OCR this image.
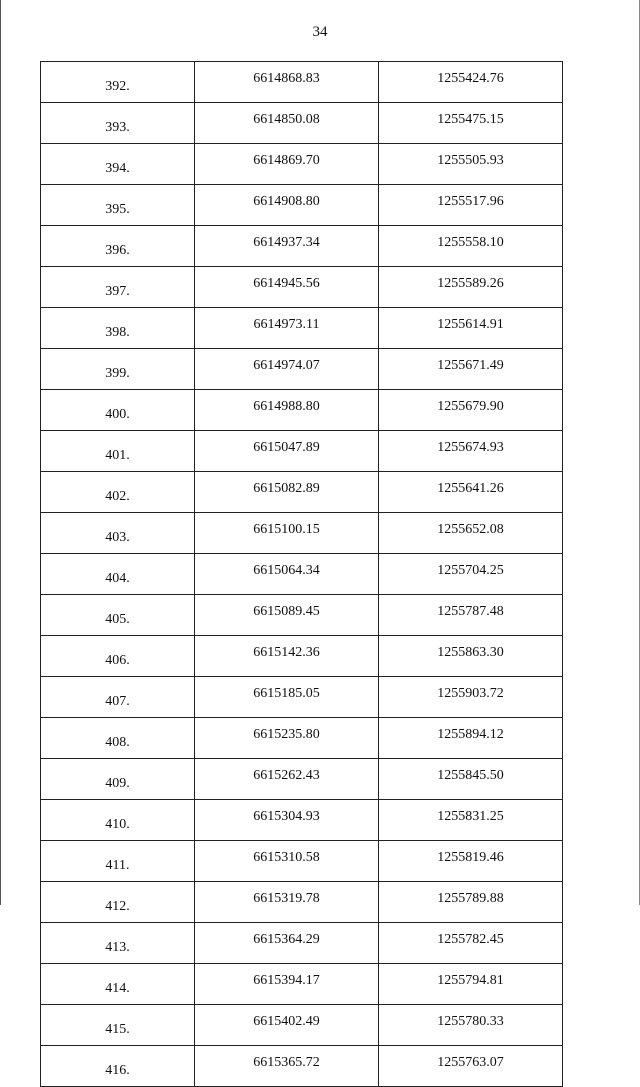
34
392.	6614868.83	1255424.76
393.	6614850.08	1255475.15
394.	6614869.70	1255505.93
395.	6614908.80	1255517.96
396.	6614937.34	1255558.10
397.	6614945.56	1255589.26
398.	6614973.11	1255614.91
399.	6614974.07	1255671.49
400.	6614988.80	1255679.90
401.	6615047.89	1255674.93
402.	6615082.89	1255641.26
403.	6615100.15	1255652.08
404.	6615064.34	1255704.25
405.	6615089.45	1255787.48
406.	6615142.36	1255863.30
407.	6615185.05	1255903.72
408.	6615235.80	1255894.12
409.	6615262.43	1255845.50
410.	6615304.93	1255831.25
411.	6615310.58	1255819.46
412.	6615319.78	1255789.88
413.	6615364.29	1255782.45
414.	6615394.17	1255794.81
415.	6615402.49	1255780.33
416.	6615365.72	1255763.07
